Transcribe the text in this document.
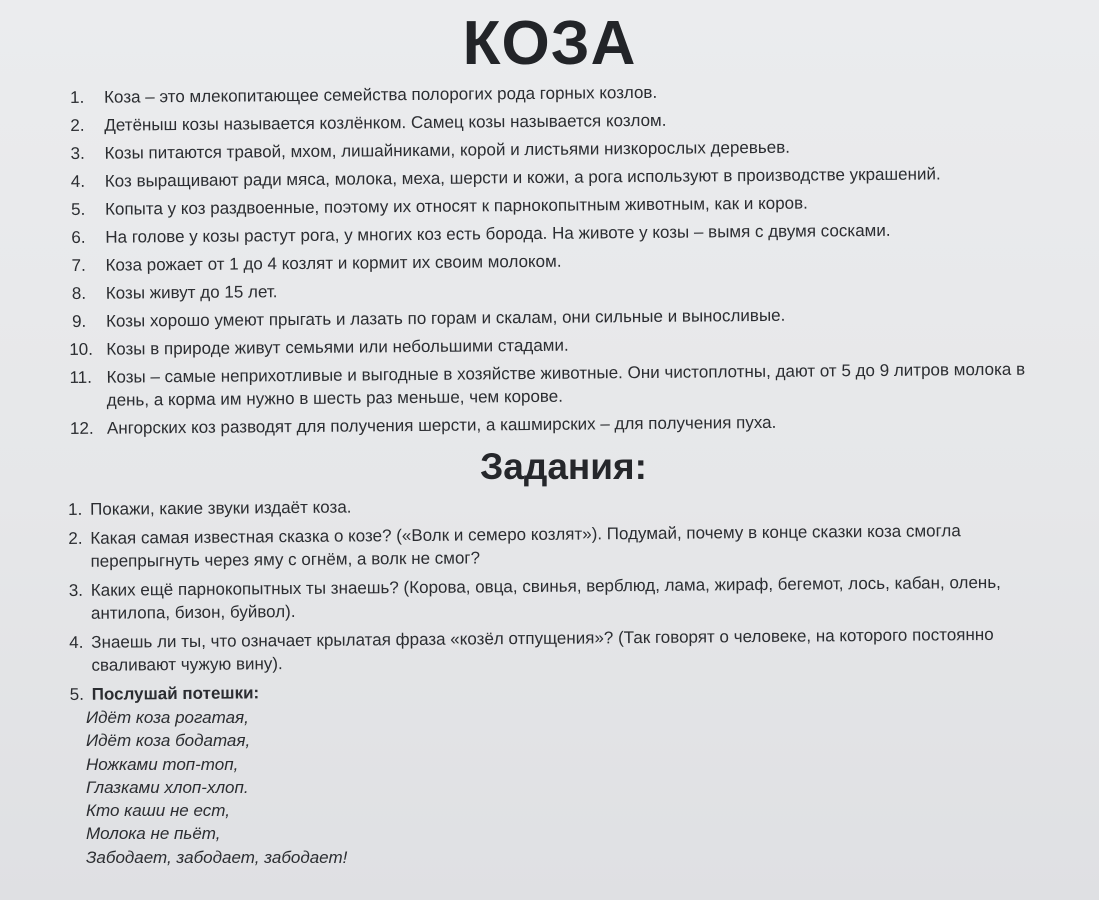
КОЗА
1.	Коза – это млекопитающее семейства полорогих рода горных козлов.
2.	Детёныш козы называется козлёнком. Самец козы называется козлом.
3.	Козы питаются травой, мхом, лишайниками, корой и листьями низкорослых деревьев.
4.	Коз выращивают ради мяса, молока, меха, шерсти и кожи, а рога используют в производстве украшений.
5.	Копыта у коз раздвоенные, поэтому их относят к парнокопытным животным, как и коров.
6.	На голове у козы растут рога, у многих коз есть борода. На животе у козы – вымя с двумя сосками.
7.	Коза рожает от 1 до 4 козлят и кормит их своим молоком.
8.	Козы живут до 15 лет.
9.	Козы хорошо умеют прыгать и лазать по горам и скалам, они сильные и выносливые.
10. Козы в природе живут семьями или небольшими стадами.
11. Козы – самые неприхотливые и выгодные в хозяйстве животные. Они чистоплотны, дают от 5 до 9 литров молока в день, а корма им нужно в шесть раз меньше, чем корове.
12. Ангорских коз разводят для получения шерсти, а кашмирских – для получения пуха.
Задания:
1. Покажи, какие звуки издаёт коза.
2. Какая самая известная сказка о козе? («Волк и семеро козлят»). Подумай, почему в конце сказки коза смогла перепрыгнуть через яму с огнём, а волк не смог?
3. Каких ещё парнокопытных ты знаешь? (Корова, овца, свинья, верблюд, лама, жираф, бегемот, лось, кабан, олень, антилопа, бизон, буйвол).
4. Знаешь ли ты, что означает крылатая фраза «козёл отпущения»? (Так говорят о человеке, на которого постоянно сваливают чужую вину).
5. Послушай потешки:
Идёт коза рогатая,
Идёт коза бодатая,
Ножками топ-топ,
Глазками хлоп-хлоп.
Кто каши не ест,
Молока не пьёт,
Забодает, забодает, забодает!
